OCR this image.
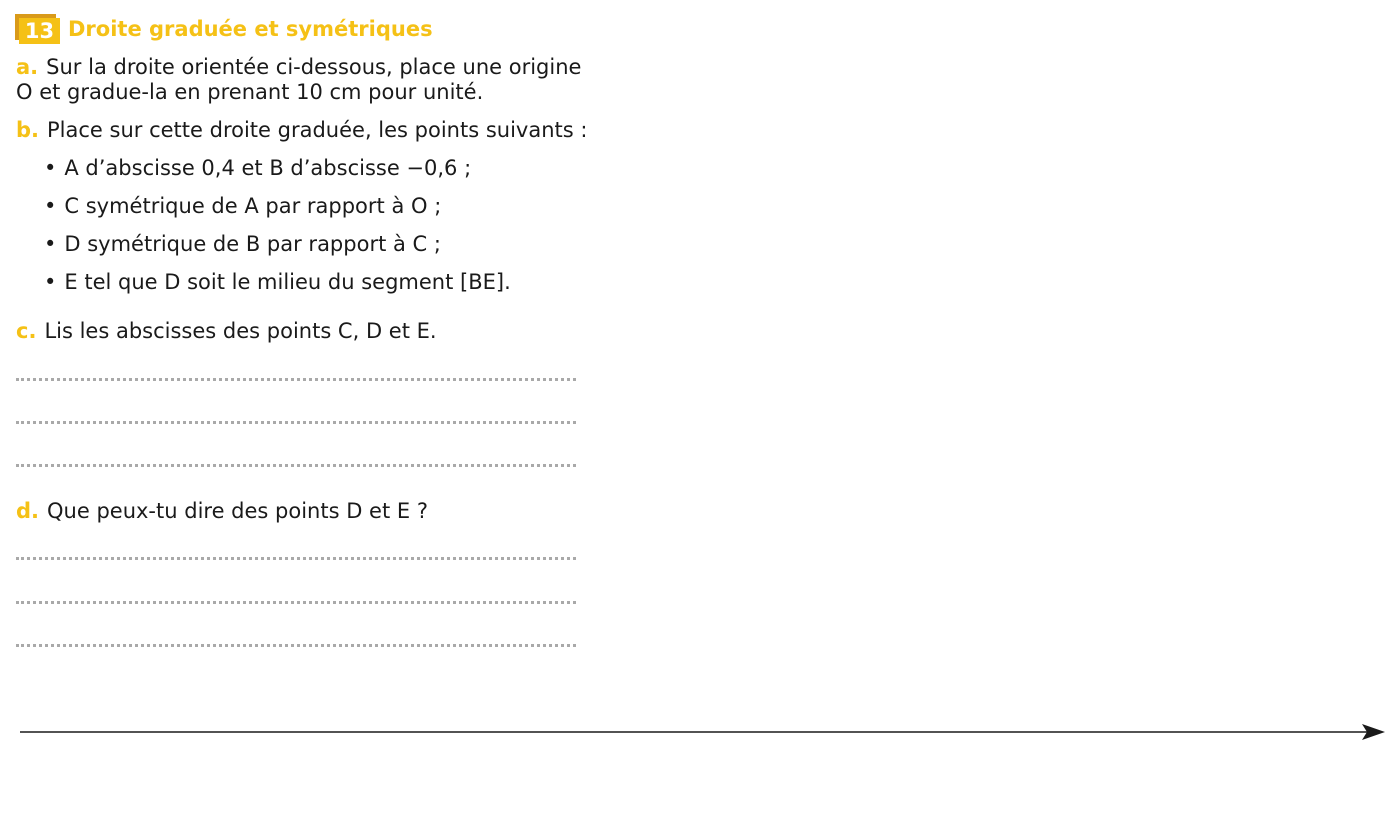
13 Droite graduée et symétriques
a. Sur la droite orientée ci-dessous, place une origine
O et gradue-la en prenant 10 cm pour unité.
b. Place sur cette droite graduée, les points suivants :
• A d’abscisse 0,4 et B d’abscisse −0,6 ;
• C symétrique de A par rapport à O ;
• D symétrique de B par rapport à C ;
• E tel que D soit le milieu du segment [BE].
c. Lis les abscisses des points C, D et E.
d. Que peux-tu dire des points D et E ?
